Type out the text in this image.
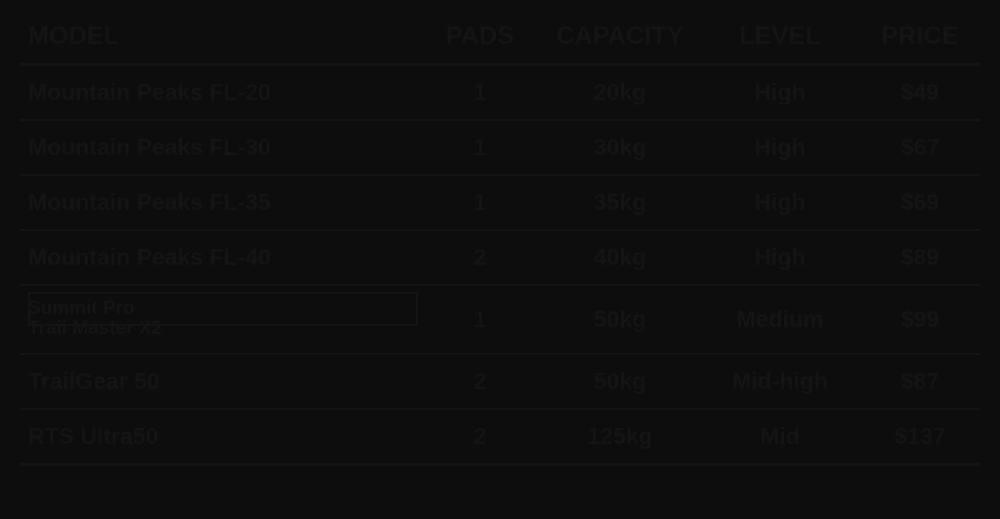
MODEL	PADS	CAPACITY	LEVEL	PRICE
Mountain Peaks FL-20	1	20kg	High	$49
Mountain Peaks FL-30	1	30kg	High	$67
Mountain Peaks FL-35	1	35kg	High	$69
Mountain Peaks FL-40	2	40kg	High	$89

Summit Pro
Trail Master X2	1	50kg	Medium	$99
TrailGear 50	2	50kg	Mid-high	$87
RTS Ultra50	2	125kg	Mid	$137
